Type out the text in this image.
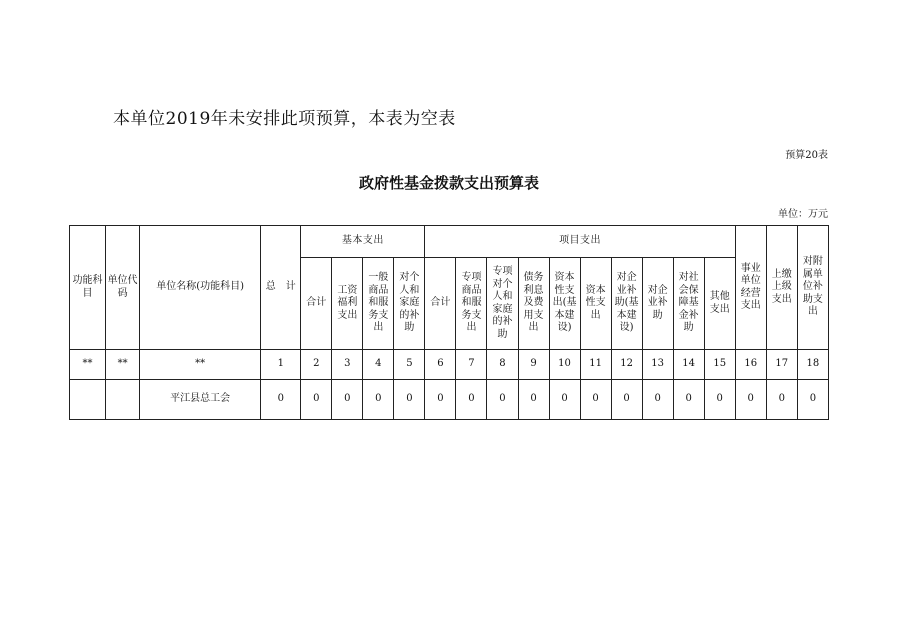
本单位2019年未安排此项预算，本表为空表
预算20表
政府性基金拨款支出预算表
单位：万元
功能科目	单位代码	单位名称(功能科目)	总　计	基本支出				项目支出										事业单位经营支出	上缴上级支出	对附属单位补助支出
				合计	工资福利支出	一般商品和服务支出	对个人和家庭的补助	合计	专项商品和服务支出	专项对个人和家庭的补助	债务利息及费用支出	资本性支出(基本建设)	资本性支出	对企业补助(基本建设)	对企业补助	对社会保障基金补助	其他支出			
**	**	**	1	2	3	4	5	6	7	8	9	10	11	12	13	14	15	16	17	18
		平江县总工会	0	0	0	0	0	0	0	0	0	0	0	0	0	0	0	0	0	0
